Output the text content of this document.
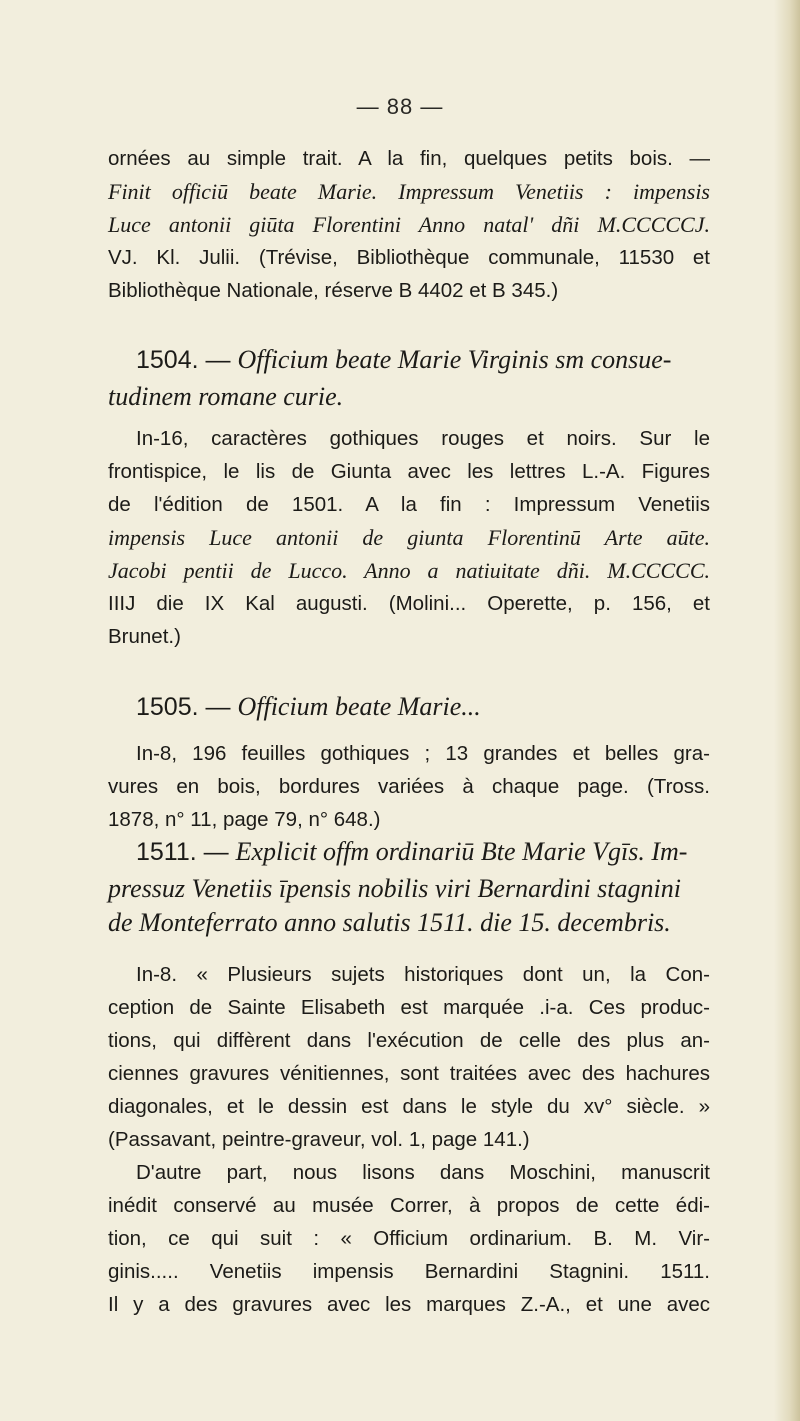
— 88 —
ornées au simple trait. A la fin, quelques petits bois. —
Finit officiū beate Marie. Impressum Venetiis : impensis
Luce antonii giūta Florentini Anno natal' dñi M.CCCCCJ.
VJ. Kl. Julii. (Trévise, Bibliothèque communale, 11530 et
Bibliothèque Nationale, réserve B 4402 et B 345.)
1504. — Officium beate Marie Virginis sm consue-
tudinem romane curie.
In-16, caractères gothiques rouges et noirs. Sur le
frontispice, le lis de Giunta avec les lettres L.-A. Figures
de l'édition de 1501. A la fin : Impressum Venetiis
impensis Luce antonii de giunta Florentinū Arte aūte.
Jacobi pentii de Lucco. Anno a natiuitate dñi. M.CCCCC.
IIIJ die IX Kal augusti. (Molini... Operette, p. 156, et
Brunet.)
1505. — Officium beate Marie...
In-8, 196 feuilles gothiques ; 13 grandes et belles gra-
vures en bois, bordures variées à chaque page. (Tross.
1878, n° 11, page 79, n° 648.)
1511. — Explicit offm ordinariū Bte Marie Vgīs. Im-
pressuz Venetiis īpensis nobilis viri Bernardini stagnini
de Monteferrato anno salutis 1511. die 15. decembris.
In-8. « Plusieurs sujets historiques dont un, la Con-
ception de Sainte Elisabeth est marquée .i-a. Ces produc-
tions, qui diffèrent dans l'exécution de celle des plus an-
ciennes gravures vénitiennes, sont traitées avec des hachures
diagonales, et le dessin est dans le style du xv° siècle. »
(Passavant, peintre-graveur, vol. 1, page 141.)
D'autre part, nous lisons dans Moschini, manuscrit
inédit conservé au musée Correr, à propos de cette édi-
tion, ce qui suit : « Officium ordinarium. B. M. Vir-
ginis..... Venetiis impensis Bernardini Stagnini. 1511.
Il y a des gravures avec les marques Z.-A., et une avec
